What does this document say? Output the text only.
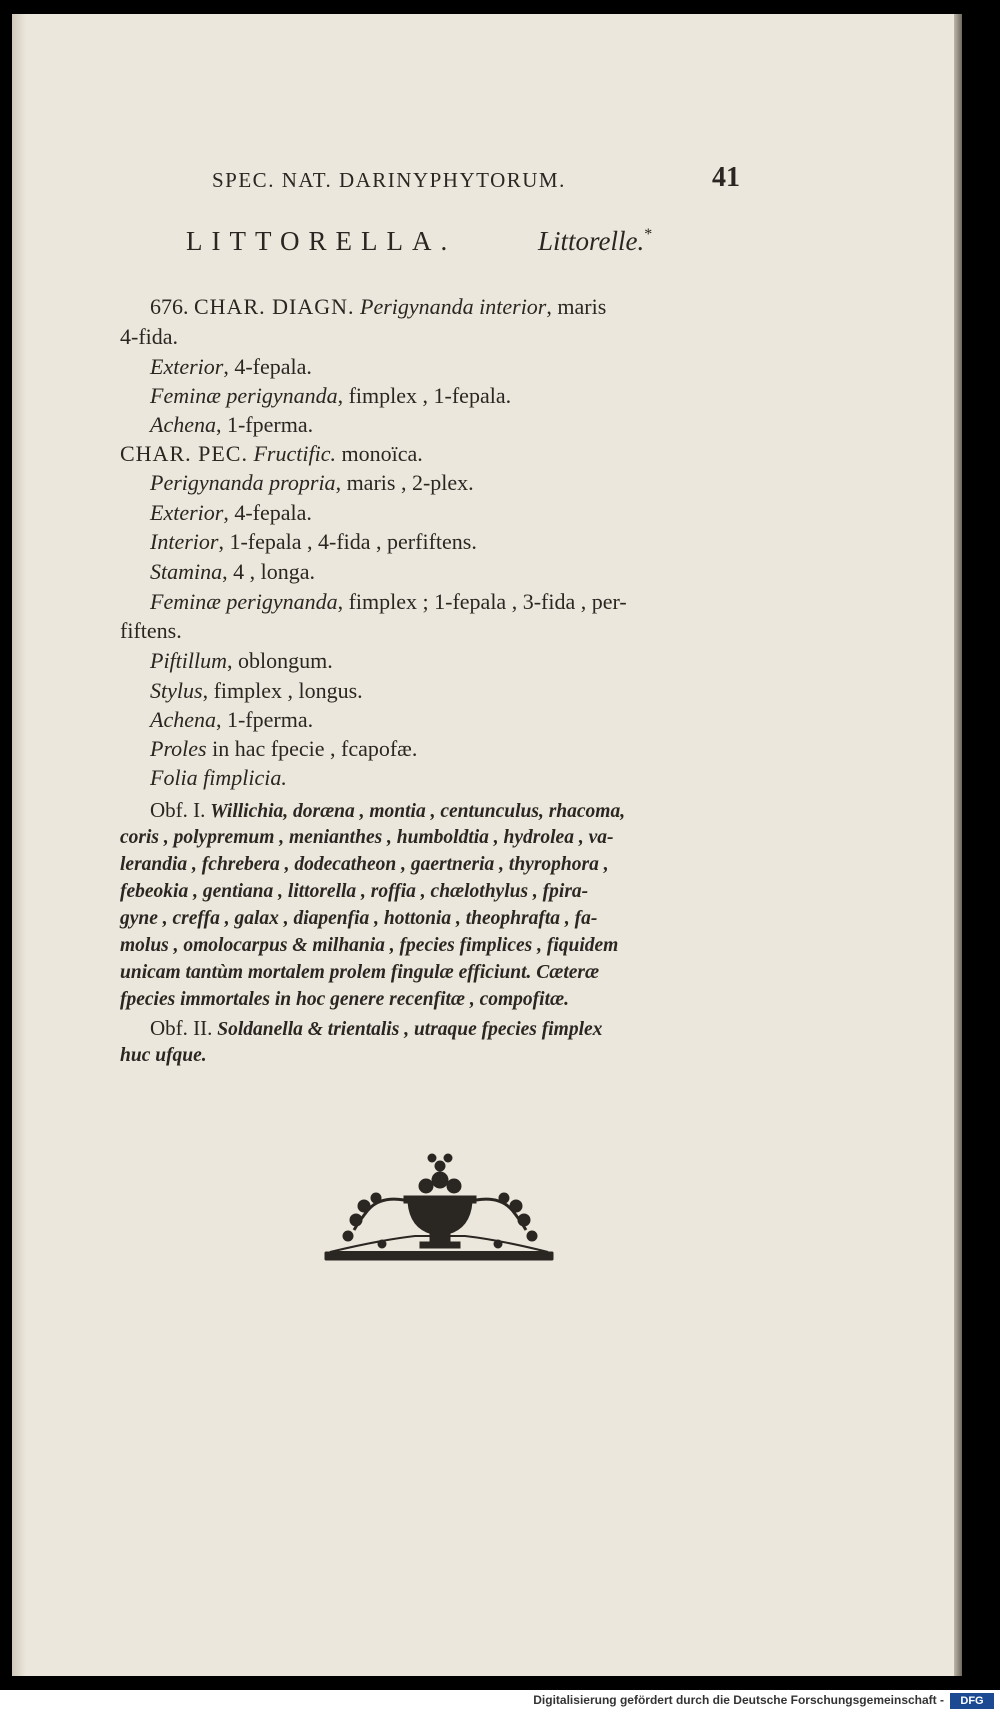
SPEC. NAT. DARINYPHYTORUM.	41
LITTORELLA.	Littorelle.*
676. CHAR. DIAGN. Perigynanda interior, maris
4-fida.
Exterior, 4-fepala.
Feminæ perigynanda, fimplex , 1-fepala.
Achena, 1-fperma.
CHAR. PEC. Fructific. monoïca.
Perigynanda propria, maris , 2-plex.
Exterior, 4-fepala.
Interior, 1-fepala , 4-fida , perfiftens.
Stamina, 4 , longa.
Feminæ perigynanda, fimplex ; 1-fepala , 3-fida , per-
fiftens.
Piftillum, oblongum.
Stylus, fimplex , longus.
Achena, 1-fperma.
Proles in hac fpecie , fcapofæ.
Folia fimplicia.
Obf. I. Willichia, doræna , montia , centunculus, rhacoma,
coris , polypremum , menianthes , humboldtia , hydrolea , va-
lerandia , fchrebera , dodecatheon , gaertneria , thyrophora ,
febeokia , gentiana , littorella , roffia , chælothylus , fpira-
gyne , creffa , galax , diapenfia , hottonia , theophrafta , fa-
molus , omolocarpus & milhania , fpecies fimplices , fiquidem
unicam tantùm mortalem prolem fingulæ efficiunt. Cæteræ
fpecies immortales in hoc genere recenfitæ , compofitæ.
Obf. II. Soldanella & trientalis , utraque fpecies fimplex
huc ufque.
Digitalisierung gefördert durch die Deutsche Forschungsgemeinschaft -	DFG
